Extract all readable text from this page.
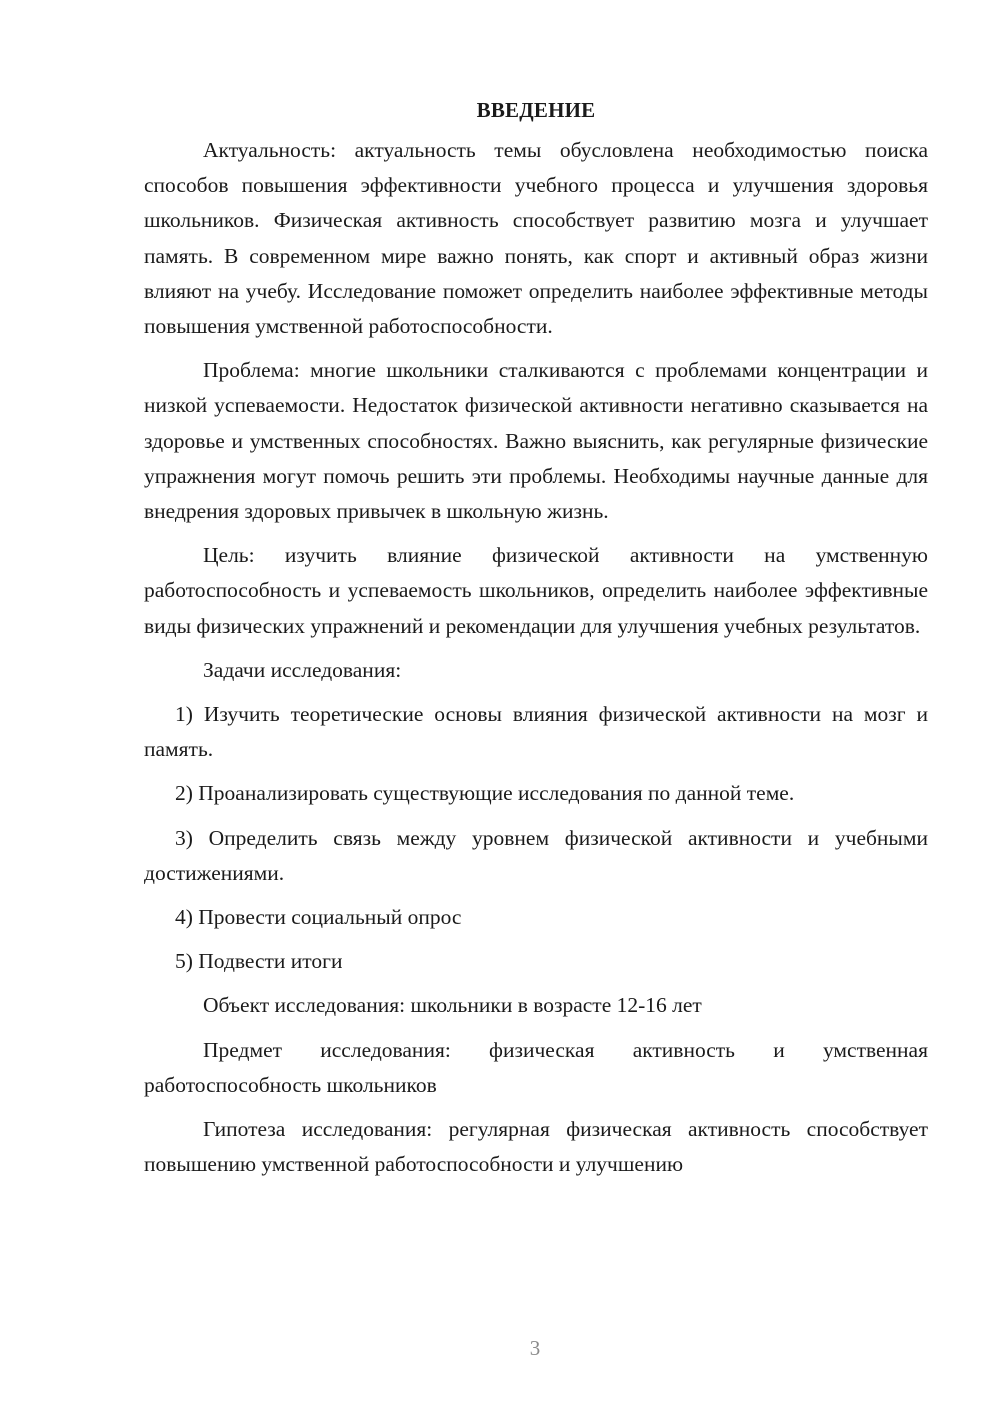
ВВЕДЕНИЕ

Актуальность: актуальность темы обусловлена необходимостью поиска способов повышения эффективности учебного процесса и улучшения здоровья школьников. Физическая активность способствует развитию мозга и улучшает память. В современном мире важно понять, как спорт и активный образ жизни влияют на учебу. Исследование поможет определить наиболее эффективные методы повышения умственной работоспособности.

Проблема: многие школьники сталкиваются с проблемами концентрации и низкой успеваемости. Недостаток физической активности негативно сказывается на здоровье и умственных способностях. Важно выяснить, как регулярные физические упражнения могут помочь решить эти проблемы. Необходимы научные данные для внедрения здоровых привычек в школьную жизнь.

Цель: изучить влияние физической активности на умственную работоспособность и успеваемость школьников, определить наиболее эффективные виды физических упражнений и рекомендации для улучшения учебных результатов.

Задачи исследования:

1) Изучить теоретические основы влияния физической активности на мозг и память.

2) Проанализировать существующие исследования по данной теме.

3) Определить связь между уровнем физической активности и учебными достижениями.

4) Провести социальный опрос

5) Подвести итоги

Объект исследования: школьники в возрасте 12-16 лет

Предмет исследования: физическая активность и умственная работоспособность школьников

Гипотеза исследования: регулярная физическая активность способствует повышению умственной работоспособности и улучшению

3
